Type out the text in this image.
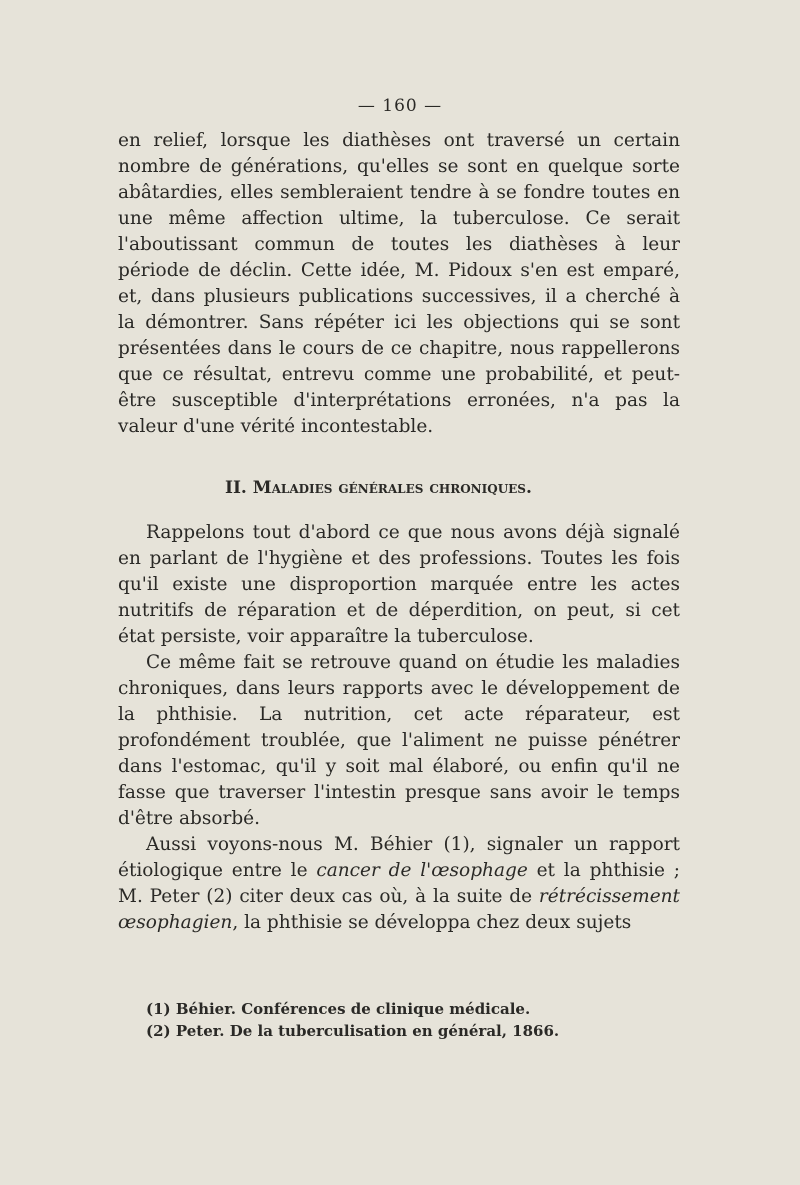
— 160 —

en relief, lorsque les diathèses ont traversé un certain nombre de générations, qu'elles se sont en quelque sorte abâtardies, elles sembleraient tendre à se fondre toutes en une même affection ultime, la tuberculose. Ce serait l'aboutissant commun de toutes les diathèses à leur période de déclin. Cette idée, M. Pidoux s'en est emparé, et, dans plusieurs publications successives, il a cherché à la démontrer. Sans répéter ici les objections qui se sont présentées dans le cours de ce chapitre, nous rappellerons que ce résultat, entrevu comme une probabilité, et peut-être susceptible d'interprétations erronées, n'a pas la valeur d'une vérité incontestable.

II. Maladies générales chroniques.

Rappelons tout d'abord ce que nous avons déjà signalé en parlant de l'hygiène et des professions. Toutes les fois qu'il existe une disproportion marquée entre les actes nutritifs de réparation et de déperdition, on peut, si cet état persiste, voir apparaître la tuberculose.

Ce même fait se retrouve quand on étudie les maladies chroniques, dans leurs rapports avec le développement de la phthisie. La nutrition, cet acte réparateur, est profondément troublée, que l'aliment ne puisse pénétrer dans l'estomac, qu'il y soit mal élaboré, ou enfin qu'il ne fasse que traverser l'intestin presque sans avoir le temps d'être absorbé.

Aussi voyons-nous M. Béhier (1), signaler un rapport étiologique entre le cancer de l'œsophage et la phthisie ; M. Peter (2) citer deux cas où, à la suite de rétrécissement œsophagien, la phthisie se développa chez deux sujets

(1) Béhier. Conférences de clinique médicale.
(2) Peter. De la tuberculisation en général, 1866.
